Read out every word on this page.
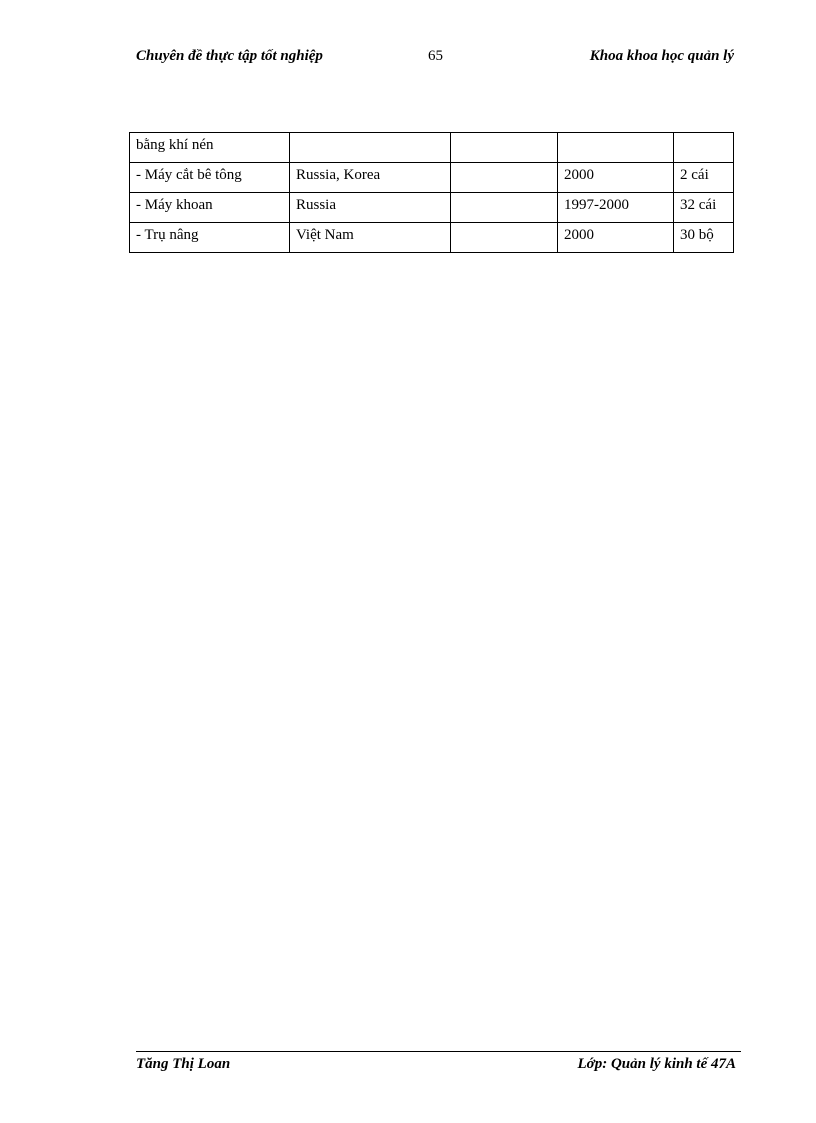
Chuyên đề thực tập tốt nghiệp	65	Khoa khoa học quản lý
bằng khí nén				
- Máy cắt bê tông	Russia, Korea		2000	2 cái
- Máy khoan	Russia		1997-2000	32 cái
- Trụ nâng	Việt Nam		2000	30 bộ
Tăng Thị Loan	Lớp: Quản lý kinh tế 47A
